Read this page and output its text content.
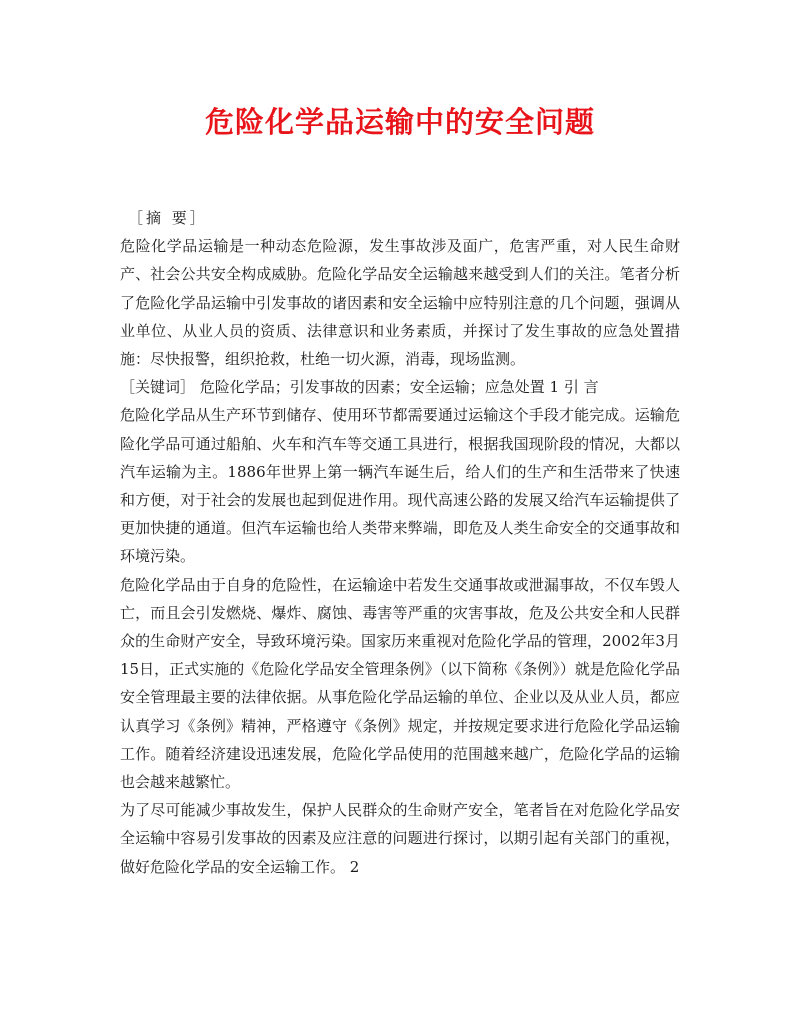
危险化学品运输中的安全问题

［摘 要］

危险化学品运输是一种动态危险源，发生事故涉及面广，危害严重，对人民生命财产、社会公共安全构成威胁。危险化学品安全运输越来越受到人们的关注。笔者分析了危险化学品运输中引发事故的诸因素和安全运输中应特别注意的几个问题，强调从业单位、从业人员的资质、法律意识和业务素质，并探讨了发生事故的应急处置措施：尽快报警，组织抢救，杜绝一切火源，消毒，现场监测。

［关键词］ 危险化学品；引发事故的因素；安全运输；应急处置 1 引 言

危险化学品从生产环节到储存、使用环节都需要通过运输这个手段才能完成。运输危险化学品可通过船舶、火车和汽车等交通工具进行，根据我国现阶段的情况，大都以汽车运输为主。1886年世界上第一辆汽车诞生后，给人们的生产和生活带来了快速和方便，对于社会的发展也起到促进作用。现代高速公路的发展又给汽车运输提供了更加快捷的通道。但汽车运输也给人类带来弊端，即危及人类生命安全的交通事故和环境污染。

危险化学品由于自身的危险性，在运输途中若发生交通事故或泄漏事故，不仅车毁人亡，而且会引发燃烧、爆炸、腐蚀、毒害等严重的灾害事故，危及公共安全和人民群众的生命财产安全，导致环境污染。国家历来重视对危险化学品的管理，2002年3月15日，正式实施的《危险化学品安全管理条例》（以下简称《条例》）就是危险化学品安全管理最主要的法律依据。从事危险化学品运输的单位、企业以及从业人员，都应认真学习《条例》精神，严格遵守《条例》规定，并按规定要求进行危险化学品运输工作。随着经济建设迅速发展，危险化学品使用的范围越来越广，危险化学品的运输也会越来越繁忙。

为了尽可能减少事故发生，保护人民群众的生命财产安全，笔者旨在对危险化学品安全运输中容易引发事故的因素及应注意的问题进行探讨，以期引起有关部门的重视，做好危险化学品的安全运输工作。 2
